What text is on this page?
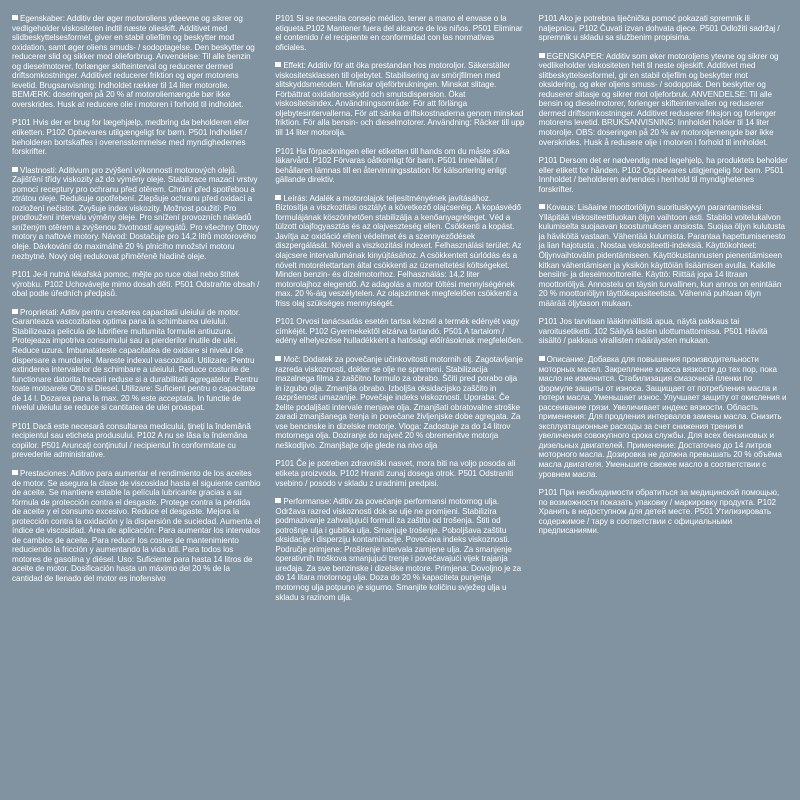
Egenskaber: Additiv der øger motoroliens ydeevne og sikrer og vedligeholder viskositeten indtil næste olieskift. Additivet med slidbeskyttelsesformel, giver en stabil oliefilm og beskytter mod oxidation, samt øger oliens smuds- / sodoptagelse. Den beskytter og reducerer slid og sikker mod olieforbrug. Anvendelse: Til alle benzin og dieselmotorer, forlænger skifteinterval og reducerer dermed driftsomkostninger. Additivet reducerer friktion og øger motorens levetid. Brugsanvisning: Indholdet rækker til 14 liter motorolie. BEMÆRK: doseringen på 20 % af motoroliemængde bør ikke overskrides. Husk at reducere olie i motoren i forhold til indholdet.

P101 Hvis der er brug for lægehjælp, medbring da beholderen eller etiketten. P102 Opbevares utilgængeligt for børn. P501 Indholdet / beholderen bortskaffes i overensstemmelse med myndighedernes forskrifter.

Vlastnosti: Aditivum pro zvýšení výkonnosti motorových olejů. Zajišťění třídy viskozity až do výměny oleje. Stabilizace mazací vrstvy pomocí receptury pro ochranu před otěrem. Chrání před spotřebou a ztrátou oleje. Redukuje opotřebení. Zlepšuje ochranu před oxidací a rozložení nečistot. Zvyšuje index viskozity. Možnost použití: Pro prodloužení intervalu výměny oleje. Pro snížení provozních nákladů sníženým otěrem a zvýšenou životností agregátů. Pro všechny Ottovy motory a naftové motory. Návod: Dostačuje pro 14,2 litrů motorového oleje. Dávkování do maximálně 20 % plnicího množství motoru nezbytné. Nový olej redukovat přiměřeně hladině oleje.

P101 Je-li nutná lékařská pomoc, mějte po ruce obal nebo štítek výrobku. P102 Uchovávejte mimo dosah dětí. P501 Odstraňte obsah / obal podle úředních předpisů.

Proprietati: Aditiv pentru cresterea capacitatii uleiului de motor. Garanteaza vascozitatea optima pana la schimbarea uleiului. Stabilizeaza pelicula de lubrifiere multumita formulei antiuzura. Protejeaza impotriva consumului sau a pierderilor inutile de ulei. Reduce uzura. Imbunatateste capacitatea de oxidare si nivelul de dispersare a murdariei. Mareste indexul vascozitatii. Utilizare: Pentru extinderea intervalelor de schimbare a uleiului. Reduce costurile de functionare datorita frecarii reduse si a durabilitatii agregatelor. Pentru toate motoarele Otto si Diesel. Utilizare: Suficient pentru o capacitate de 14 l. Dozarea pana la max. 20 % este acceptata. In functie de nivelul uleiului se reduce si cantitatea de ulei proaspat.

P101 Dacă este necesară consultarea medicului, țineți la îndemână recipientul sau eticheta produsului. P102 A nu se lăsa la îndemâna copiilor. P501 Aruncați conținutul / recipientul în conformitate cu prevederile administrative.

Prestaciones: Aditivo para aumentar el rendimiento de los aceites de motor. Se asegura la clase de viscosidad hasta el siguiente cambio de aceite. Se mantiene estable la película lubricante gracias a su fórmula de protección contra el desgaste. Protege contra la pérdida de aceite y el consumo excesivo. Reduce el desgaste. Mejora la protección contra la oxidación y la dispersión de suciedad. Aumenta el índice de viscosidad. Área de aplicación: Para aumentar los intervalos de cambios de aceite. Para reducir los costes de mantenimiento reduciendo la fricción y aumentando la vida útil. Para todos los motores de gasolina y diésel. Uso: Suficiente para hasta 14 litros de aceite de motor. Dosificación hasta un máximo del 20 % de la cantidad de llenado del motor es inofensivo

P101 Si se necesita consejo médico, tener a mano el envase o la etiqueta.P102 Mantener fuera del alcance de los niños. P501 Eliminar el contenido / el recipiente en conformidad con las normativas oficiales.

Effekt: Additiv för att öka prestandan hos motoroljor. Säkerställer viskositetsklassen till oljebytet. Stabilisering av smörjfilmen med slitskyddsmetoden. Minskar oljeförbrukningen. Minskat slitage. Förbättrat oxidationsskydd och smutsdispersion. Ökat viskositetsindex. Användningsområde: För att förlänga oljebytesintervallerna. För att sänka driftskostnaderna genom minskad friktion. För alla bensin- och dieselmotorer. Användning: Räcker till upp till 14 liter motorolja.

P101 Ha förpackningen eller etiketten till hands om du måste söka läkarvård. P102 Förvaras oåtkomligt för barn. P501 Innehållet / behållaren lämnas till en återvinningsstation för kälsortering enligt gällande direktiv.

Leírás: Adalék a motorolajok teljesítményének javításához. Biztosítja a viszkozitási osztályt a következő olajcseréig. A kopásvédő formulájának köszönhetően stabilizálja a kenőanyagréteget. Véd a túlzott olajfogyasztás és az olajveszteség ellen. Csökkenti a kopást. Javítja az oxidáció elleni védelmet és a szennyeződések diszpergálását. Növeli a viszkozitási indexet. Felhasználási terület: Az olajcsere intervallumának kinyújtásához. A csökkentett súrlódás és a növelt motorélettartam által csökkenti az üzemeltetési költségeket. Minden benzin- és dízelmotorhoz. Felhasználás: 14,2 liter motorolajhoz elegendő. Az adagolás a motor töltési mennyiségének max. 20 %-áig veszélytelen. Az olajszintnek megfelelően csökkenti a friss olaj szükséges mennyiségét.

P101 Orvosi tanácsadás esetén tartsa kéznél a termék edényét vagy címkéjét. P102 Gyermekektől elzárva tartandó. P501 A tartalom / edény elhelyezése hulladékként a hatósági előírásoknak megfelelően.

Moč: Dodatek za povečanje učinkovitosti motornih olj. Zagotavljanje razreda viskoznosti, dokler se olje ne spremeni. Stabilizacija mazalnega filma z zaščitno formulo za obrabo. Ščiti pred porabo olja in izgubo olja. Zmanjša obrabo. Izboljša oksidacijsko zaščito in razpršenost umazanije. Povečaje indeks viskoznosti. Uporaba: Če želite podaljšati intervale menjave olja. Zmanjšati obratovalne stroške zaradi zmanjšanega trenja in povečane življenjske dobe agregata. Za vse bencinske in dizelske motorje. Vloga: Zadostuje za do 14 litrov motornega olja. Doziranje do največ 20 % obremenitve motorja neškodljivo. Zmanjšajte olje glede na nivo olja

P101 Če je potreben zdravniški nasvet, mora biti na voljo posoda ali etiketa proizvoda. P102 Hraniti zunaj dosega otrok. P501 Odstraniti vsebino / posodo v skladu z uradnimi predpisi.

Performanse: Aditiv za povećanje performansi motornog ulja. Održava razred viskoznosti dok se ulje ne promijeni. Stabilizira podmazivanje zahvaljujući formuli za zaštitu od trošenja. Štiti od potrošnje ulja i gubitka ulja. Smanjuje trošenje. Poboljšava zaštitu oksidacije i disperziju kontaminacije. Povećava indeks viskoznosti. Područje primjene: Proširenje intervala zamjene ulja. Za smanjenje operativnih troškova smanjujući trenje i povećavajući vijek trajanja uređaja. Za sve benzinske i dizelske motore. Primjena: Dovoljno je za do 14 litara motornog ulja. Doza do 20 % kapaciteta punjenja motornog ulja potpuno je sigurno. Smanjite količinu svježeg ulja u skladu s razinom ulja.

P101 Ako je potrebna liječnička pomoć pokazati spremnik ili naljepnicu. P102 Čuvati izvan dohvata djece. P501 Odložiti sadržaj / spremnik u skladu sa službenim propisima.

EGENSKAPER: Additiv som øker motoroljens ytevne og sikrer og vedlikeholder viskositeten helt til neste oljeskift. Additivet med slitbeskyttelsesformel, gir en stabil oljefilm og beskytter mot oksidering, og øker oljens smuss- / sodopptak. Den beskytter og reduserer slitasje og sikrer mot oljeforbruk. ANVENDELSE: Til alle bensin og dieselmotorer, forlenger skifteintervallen og reduserer dermed driftsomkostninger. Additivet reduserer friksjon og forlenger motorens levetid. BRUKSANVISNING: Innholdet holder til 14 liter motorolje. OBS: doseringen på 20 % av motoroljemengde bør ikke overskrides. Husk å redusere olje i motoren i forhold til innholdet.

P101 Dersom det er nødvendig med legehjelp, ha produktets beholder eller etikett for hånden. P102 Oppbevares utilgjengelig for barn. P501 Innholdet / beholderen avhendes i henhold til myndighetenes forskrifter.

Kovaus: Lisäaine moottoriöljyn suorituskyvyn parantamiseksi. Ylläpitää viskositeettiluokan öljyn vaihtoon asti. Stabiloi voitelukalvon kulumiselta suojaavan koostumuksen ansiosta. Suojaa öljyn kulutusta ja häviköitä vastaan. Vähentää kulumista. Parantaa hapettumisenesto ja lian hajotusta . Nostaa viskositeetti-indeksiä. Käyttökohteet: Öljynvaihtovälin pidentämiseen. Käyttökustannusten pienentämiseen kitkan vähentämisen ja yksikön käyttöiän lisäämisen avulla. Kaikille bensiini- ja dieselmoottoreille. Käyttö: Riittää jopa 14 litraan moottoriöljyä. Annostelu on täysin turvallinen, kun annos on enintään 20 % moottoriöljyn täyttökapasiteetista. Vähennä puhtaan öljyn määrää öljytason mukaan.

P101 Jos tarvitaan lääkinnällistä apua, näytä pakkaus tai varoitusetiketti. 102 Säilytä lasten ulottumattomissa. P501 Hävitä sisältö / pakkaus virallisten määräysten mukaan.

Описание: Добавка для повышения производительности моторных масел. Закрепление класса вязкости до тех пор, пока масло не изменится. Стабилизация смазочной пленки по формуле защиты от износа. Защищает от потребления масла и потери масла. Уменьшает износ. Улучшает защиту от окисления и рассеивание грязи. Увеличивает индекс вязкости. Область применения: Для продления интервалов замены масла. Снизить эксплуатационные расходы за счет снижения трения и увеличения совокупного срока службы. Для всех бензиновых и дизельных двигателей. Применение: Достаточно до 14 литров моторного масла. Дозировка не должна превышать 20 % объёма масла двигателя. Уменьшите свежее масло в соответствии с уровнем масла.

P101 При необходимости обратиться за медицинской помощью, по возможности показать упаковку / маркировку продукта. P102 Хранить в недоступном для детей месте. P501 Утилизировать содержимое / тару в соответствии с официальными предписаниями.
